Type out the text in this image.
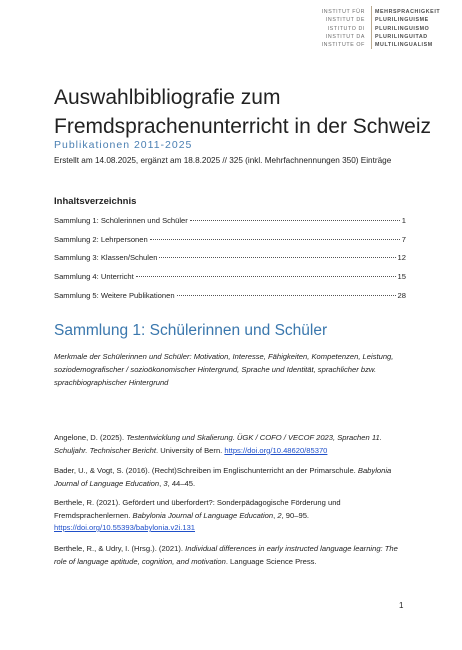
INSTITUT FÜR
INSTITUT DE
ISTITUTO DI
INSTITUT DA
INSTITUTE OF
MEHRSPRACHIGKEIT
PLURILINGUISME
PLURILINGUISMO
PLURILINGUITAD
MULTILINGUALISM
Auswahlbibliografie zum
Fremdsprachenunterricht in der Schweiz

Publikationen 2011-2025

Erstellt am 14.08.2025, ergänzt am 18.8.2025 // 325 (inkl. Mehrfachnennungen 350) Einträge
Inhaltsverzeichnis
Sammlung 1: Schülerinnen und Schüler	1
Sammlung 2: Lehrpersonen	7
Sammlung 3: Klassen/Schulen	12
Sammlung 4: Unterricht	15
Sammlung 5: Weitere Publikationen	28
Sammlung 1: Schülerinnen und Schüler

Merkmale der Schülerinnen und Schüler: Motivation, Interesse, Fähigkeiten, Kompetenzen, Leistung, soziodemografischer / sozioökonomischer Hintergrund, Sprache und Identität, sprachlicher bzw. sprachbiographischer Hintergrund

Angelone, D. (2025). Testentwicklung und Skalierung. ÜGK / COFO / VECOF 2023, Sprachen 11. Schuljahr. Technischer Bericht. University of Bern. https://doi.org/10.48620/85370

Bader, U., & Vogt, S. (2016). (Recht)Schreiben im Englischunterricht an der Primarschule. Babylonia Journal of Language Education, 3, 44–45.

Berthele, R. (2021). Gefördert und überfordert?: Sonderpädagogische Förderung und Fremdsprachenlernen. Babylonia Journal of Language Education, 2, 90–95. https://doi.org/10.55393/babylonia.v2i.131

Berthele, R., & Udry, I. (Hrsg.). (2021). Individual differences in early instructed language learning: The role of language aptitude, cognition, and motivation. Language Science Press.

1
